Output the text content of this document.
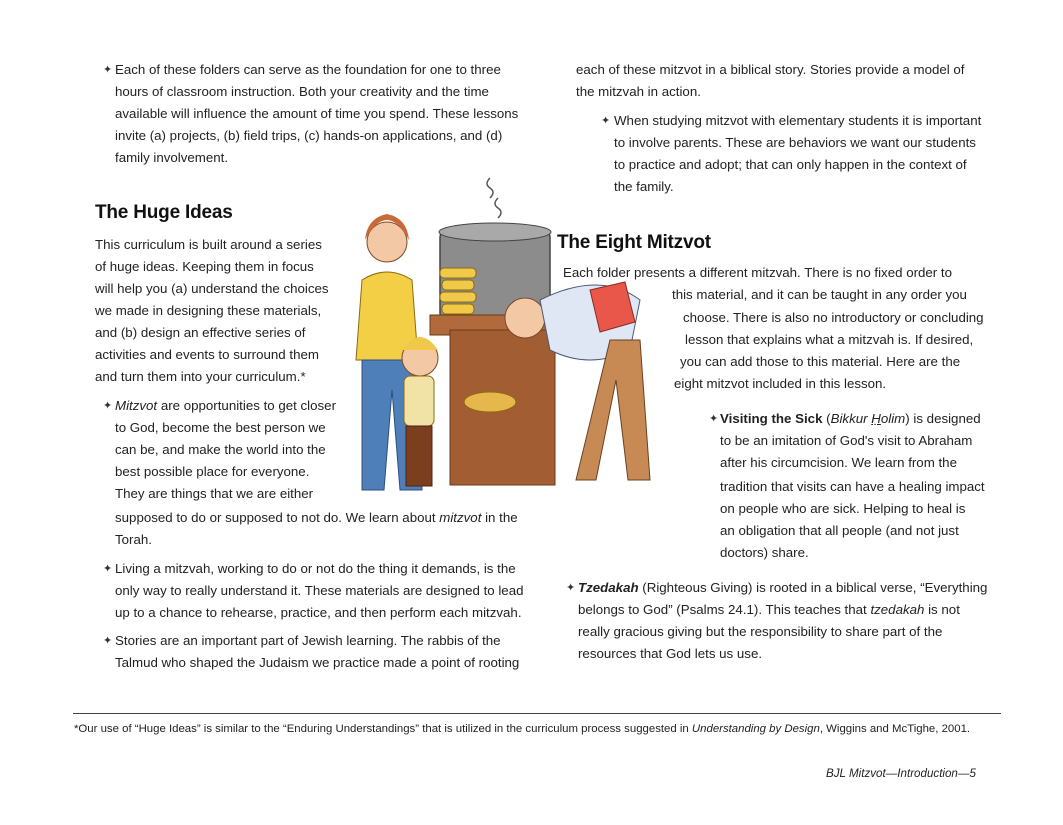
✦ Each of these folders can serve as the foundation for one to three
hours of classroom instruction. Both your creativity and the time
available will influence the amount of time you spend. These lessons
invite (a) projects, (b) field trips, (c) hands-on applications, and (d)
family involvement.
each of these mitzvot in a biblical story. Stories provide a model of
the mitzvah in action.
✦ When studying mitzvot with elementary students it is important
to involve parents. These are behaviors we want our students
to practice and adopt; that can only happen in the context of
the family.
The Huge Ideas
This curriculum is built around a series
of huge ideas. Keeping them in focus
will help you (a) understand the choices
we made in designing these materials,
and (b) design an effective series of
activities and events to surround them
and turn them into your curriculum.*
✦ Mitzvot are opportunities to get closer
to God, become the best person we
can be, and make the world into the
best possible place for everyone.
They are things that we are either
supposed to do or supposed to not do. We learn about mitzvot in the
Torah.
✦ Living a mitzvah, working to do or not do the thing it demands, is the
only way to really understand it. These materials are designed to lead
up to a chance to rehearse, practice, and then perform each mitzvah.
✦ Stories are an important part of Jewish learning. The rabbis of the
Talmud who shaped the Judaism we practice made a point of rooting
The Eight Mitzvot
Each folder presents a different mitzvah. There is no fixed order to
this material, and it can be taught in any order you
choose. There is also no introductory or concluding
lesson that explains what a mitzvah is. If desired,
you can add those to this material. Here are the
eight mitzvot included in this lesson.
✦ Visiting the Sick (Bikkur Ḥolim) is designed
to be an imitation of God's visit to Abraham
after his circumcision. We learn from the
tradition that visits can have a healing impact
on people who are sick. Helping to heal is
an obligation that all people (and not just
doctors) share.
✦ Tzedakah (Righteous Giving) is rooted in a biblical verse, “Everything
belongs to God” (Psalms 24.1). This teaches that tzedakah is not
really gracious giving but the responsibility to share part of the
resources that God lets us use.
*Our use of “Huge Ideas” is similar to the “Enduring Understandings” that is utilized in the curriculum process suggested in Understanding by Design, Wiggins and McTighe, 2001.
BJL Mitzvot—Introduction—5
